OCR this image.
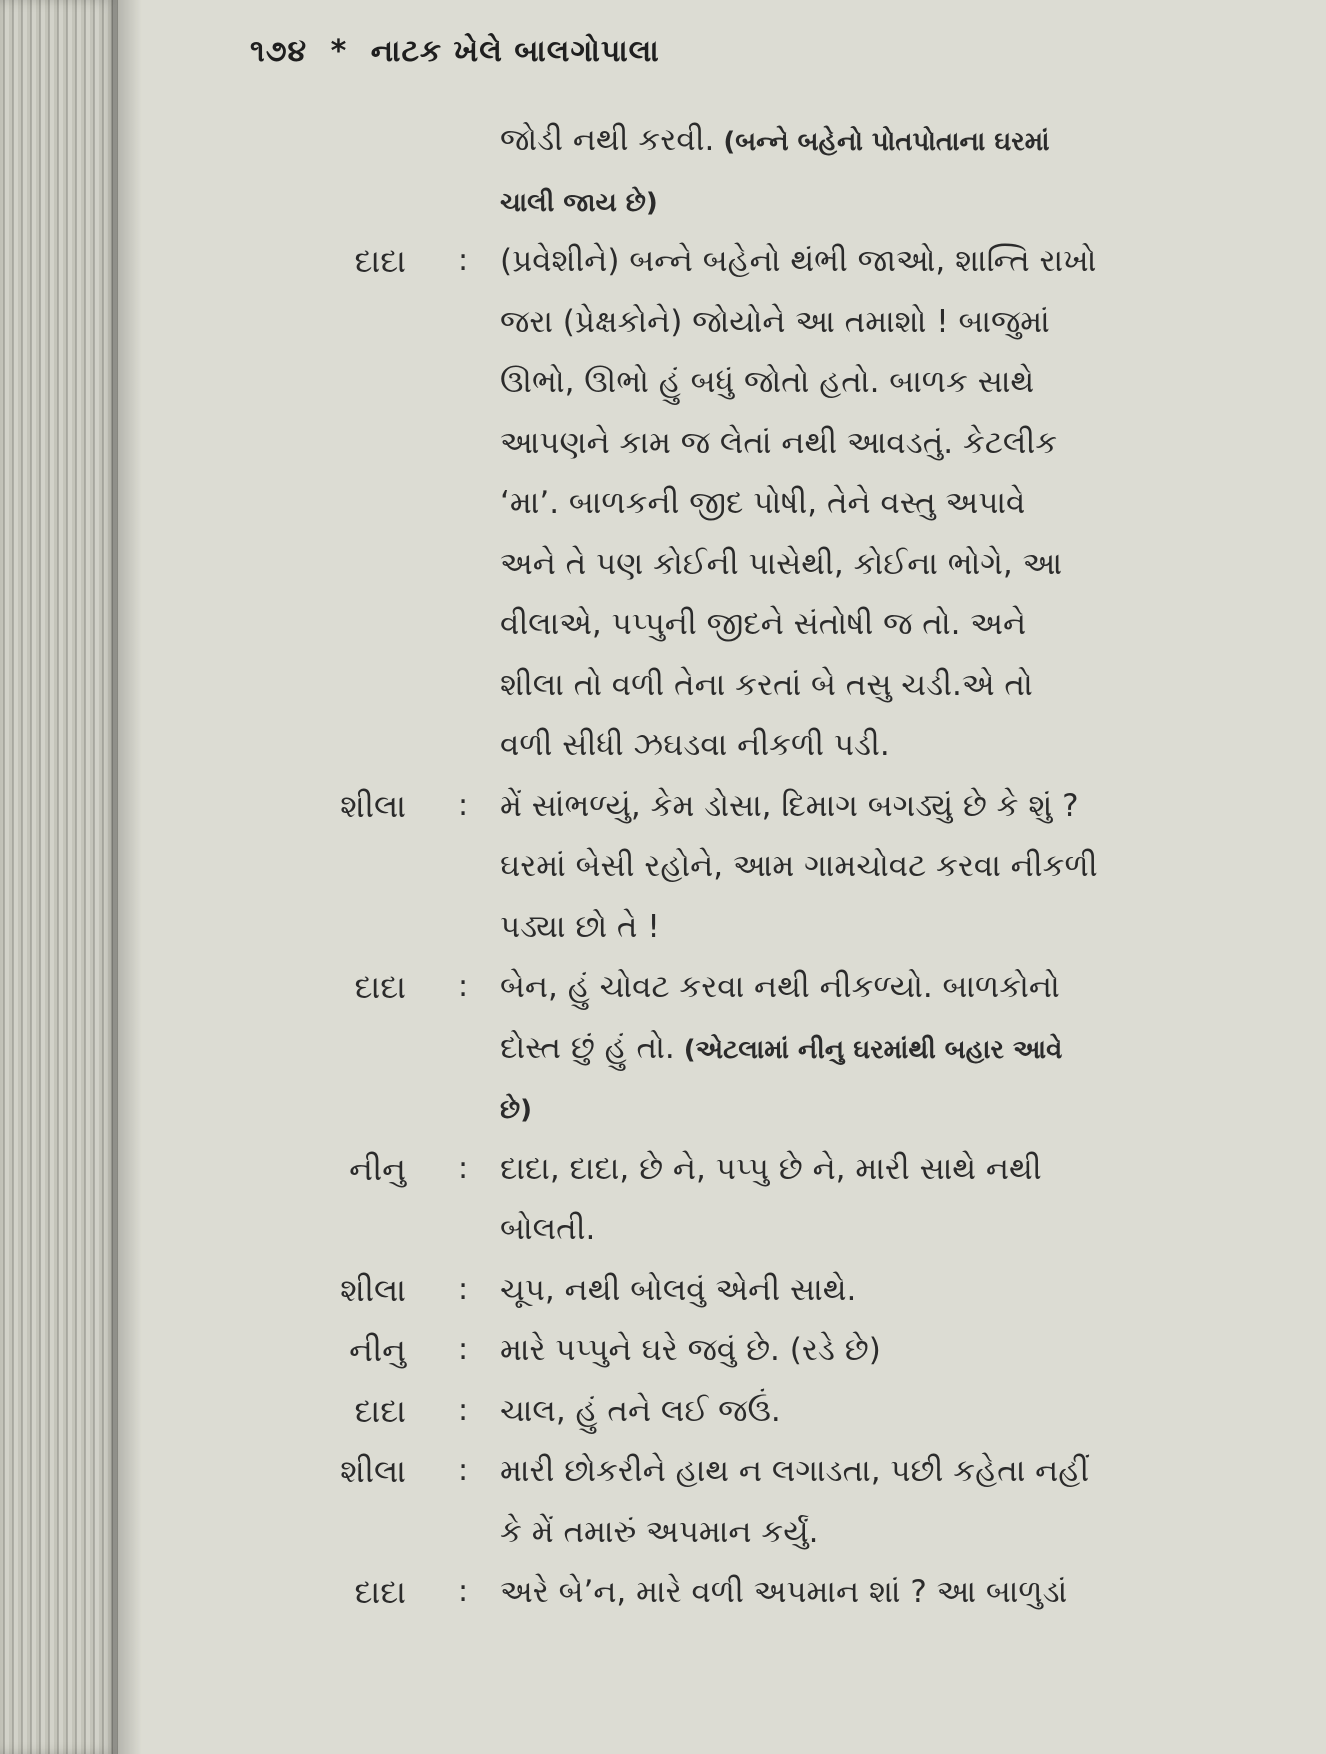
૧૭૪ * નાટક ખેલે બાલગોપાલા
જોડી નથી કરવી. (બન્ને બહેનો પોતપોતાના ઘરમાં
ચાલી જાય છે)
દાદા : (પ્રવેશીને) બન્ને બહેનો થંભી જાઓ, શાન્તિ રાખો
જરા (પ્રેક્ષકોને) જોયોને આ તમાશો ! બાજુમાં
ઊભો, ઊભો હું બધું જોતો હતો. બાળક સાથે
આપણને કામ જ લેતાં નથી આવડતું. કેટલીક
‘મા’. બાળકની જીદ પોષી, તેને વસ્તુ અપાવે
અને તે પણ કોઈની પાસેથી, કોઈના ભોગે, આ
વીલાએ, પપ્પુની જીદને સંતોષી જ તો. અને
શીલા તો વળી તેના કરતાં બે તસુ ચડી.એ તો
વળી સીધી ઝઘડવા નીકળી પડી.
શીલા : મેં સાંભળ્યું, કેમ ડોસા, દિમાગ બગડ્યું છે કે શું ?
ઘરમાં બેસી રહોને, આમ ગામચોવટ કરવા નીકળી
પડ્યા છો તે !
દાદા : બેન, હું ચોવટ કરવા નથી નીકળ્યો. બાળકોનો
દોસ્ત છું હું તો. (એટલામાં નીનુ ઘરમાંથી બહાર આવે
છે)
નીનુ : દાદા, દાદા, છે ને, પપ્પુ છે ને, મારી સાથે નથી
બોલતી.
શીલા : ચૂપ, નથી બોલવું એની સાથે.
નીનુ : મારે પપ્પુને ઘરે જવું છે. (રડે છે)
દાદા : ચાલ, હું તને લઈ જઉં.
શીલા : મારી છોકરીને હાથ ન લગાડતા, પછી કહેતા નહીં
કે મેં તમારું અપમાન કર્યું.
દાદા : અરે બે’ન, મારે વળી અપમાન શાં ? આ બાળુડાં
